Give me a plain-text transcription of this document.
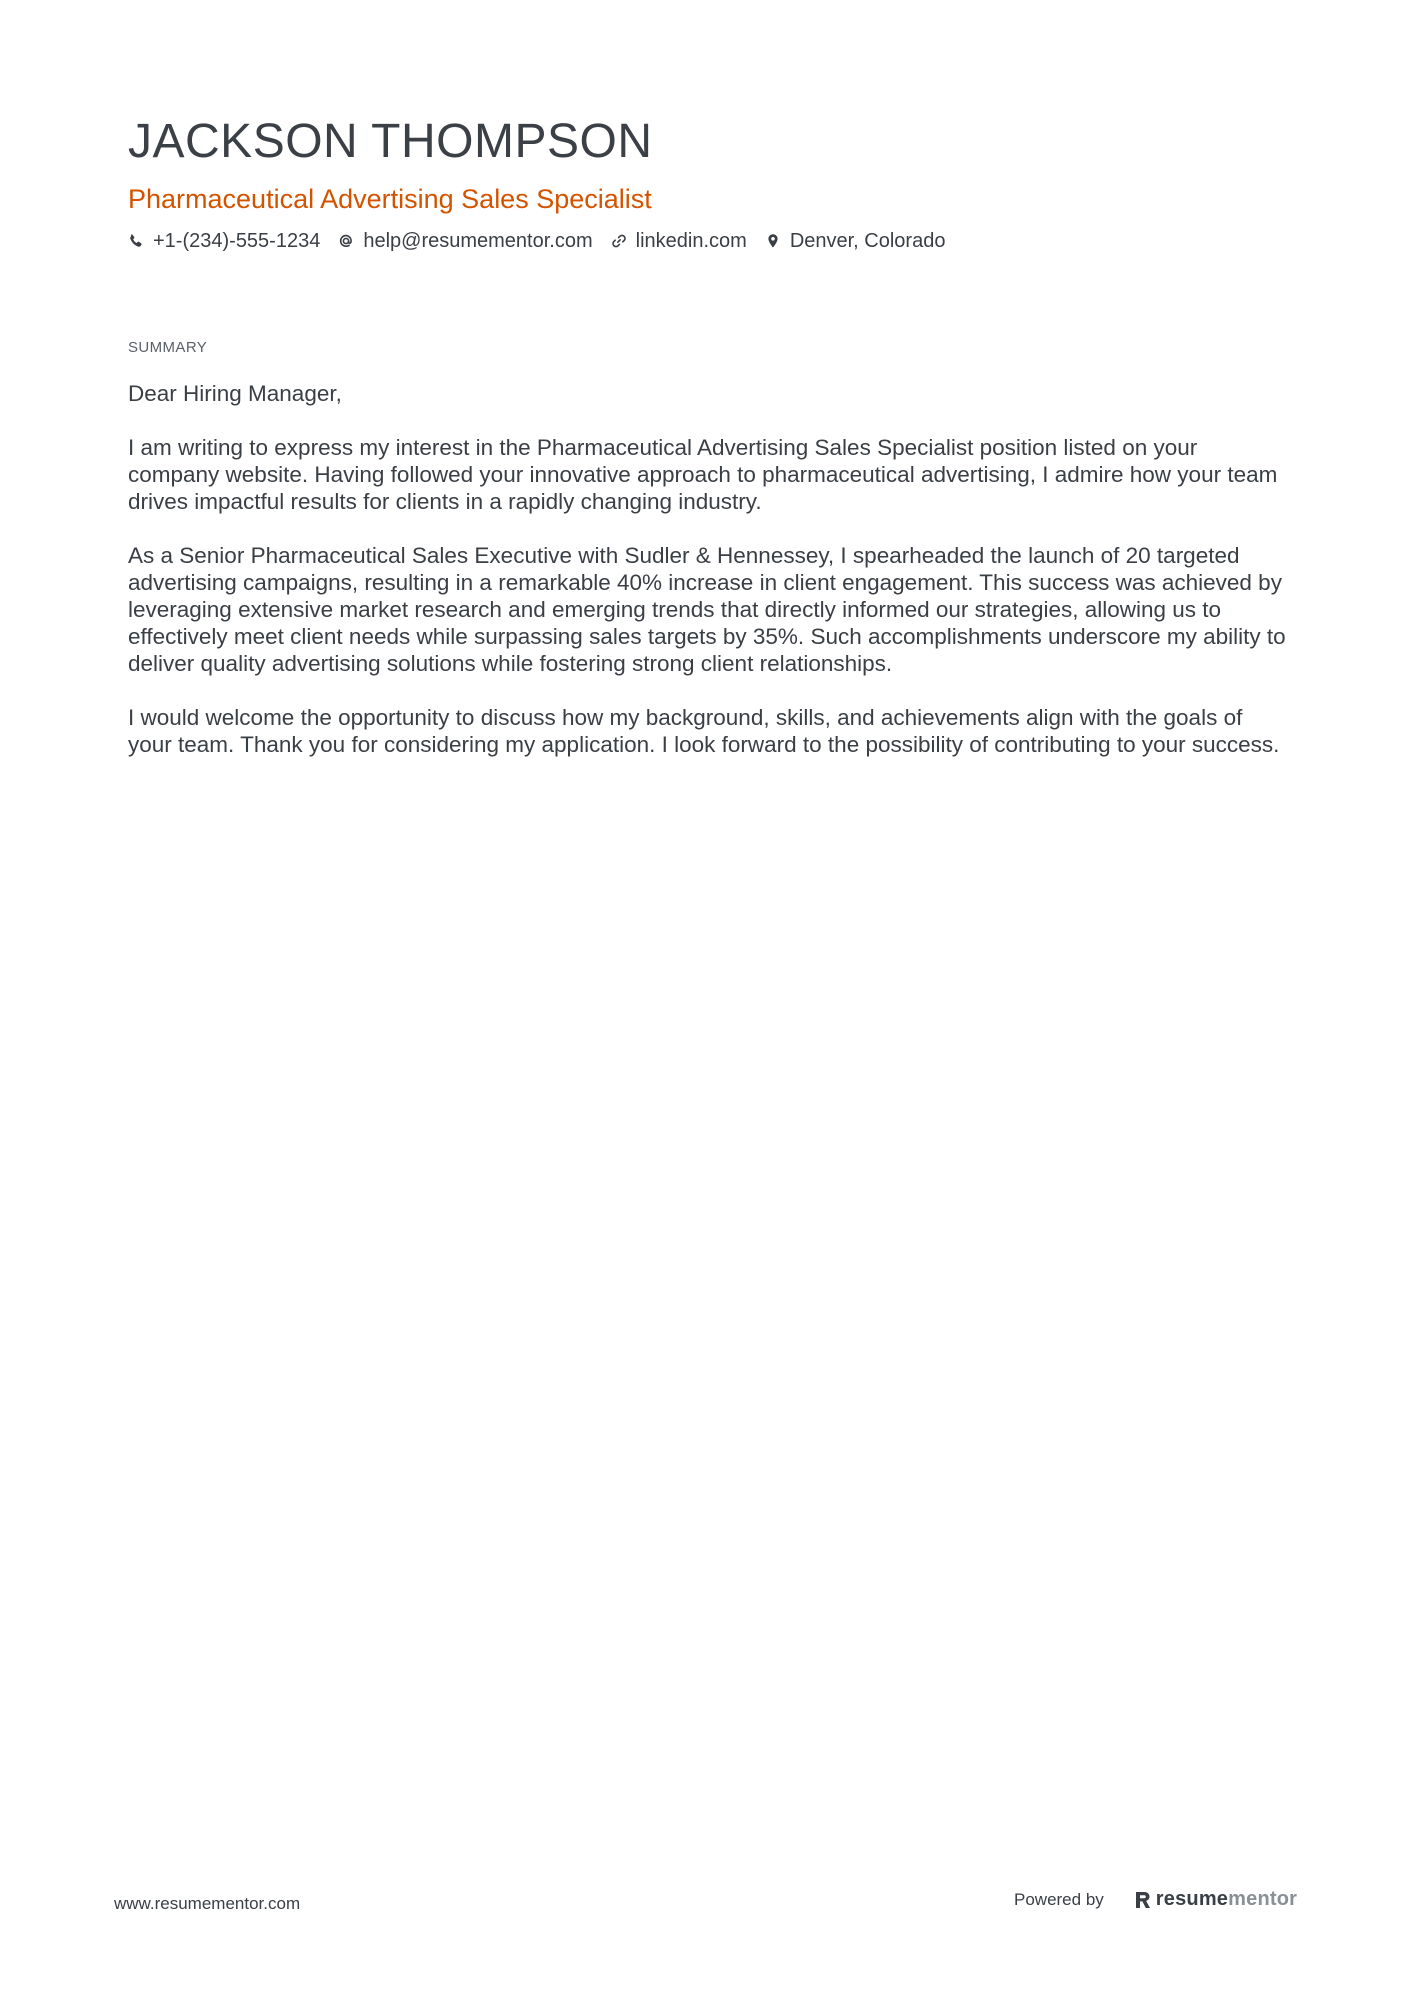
JACKSON THOMPSON
Pharmaceutical Advertising Sales Specialist
+1-(234)-555-1234 help@resumementor.com linkedin.com Denver, Colorado
SUMMARY

Dear Hiring Manager,

I am writing to express my interest in the Pharmaceutical Advertising Sales Specialist position listed on your company website. Having followed your innovative approach to pharmaceutical advertising, I admire how your team drives impactful results for clients in a rapidly changing industry.

As a Senior Pharmaceutical Sales Executive with Sudler & Hennessey, I spearheaded the launch of 20 targeted advertising campaigns, resulting in a remarkable 40% increase in client engagement. This success was achieved by leveraging extensive market research and emerging trends that directly informed our strategies, allowing us to effectively meet client needs while surpassing sales targets by 35%. Such accomplishments underscore my ability to deliver quality advertising solutions while fostering strong client relationships.

I would welcome the opportunity to discuss how my background, skills, and achievements align with the goals of your team. Thank you for considering my application. I look forward to the possibility of contributing to your success.

www.resumementor.com	Powered by	resume mentor
